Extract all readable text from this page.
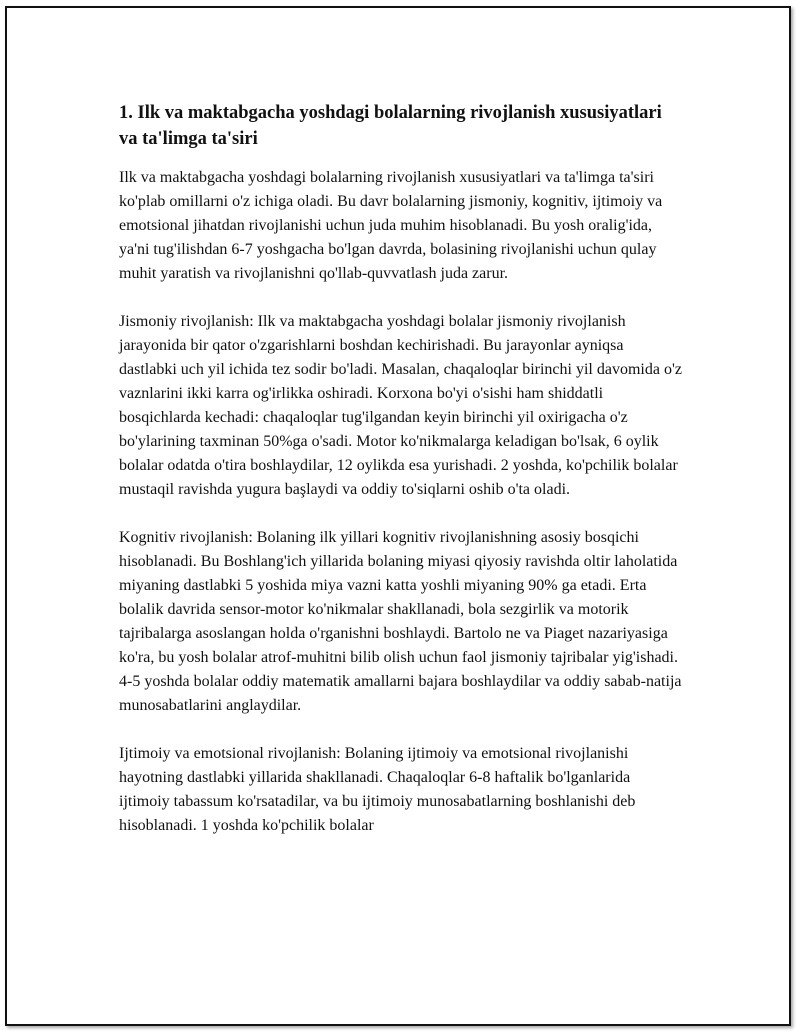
1. Ilk va maktabgacha yoshdagi bolalarning rivojlanish xususiyatlari va ta'limga ta'siri

Ilk va maktabgacha yoshdagi bolalarning rivojlanish xususiyatlari va ta'limga ta'siri ko'plab omillarni o'z ichiga oladi. Bu davr bolalarning jismoniy, kognitiv, ijtimoiy va emotsional jihatdan rivojlanishi uchun juda muhim hisoblanadi. Bu yosh oralig'ida, ya'ni tug'ilishdan 6-7 yoshgacha bo'lgan davrda, bolasining rivojlanishi uchun qulay muhit yaratish va rivojlanishni qo'llab-quvvatlash juda zarur.

Jismoniy rivojlanish: Ilk va maktabgacha yoshdagi bolalar jismoniy rivojlanish jarayonida bir qator o'zgarishlarni boshdan kechirishadi. Bu jarayonlar ayniqsa dastlabki uch yil ichida tez sodir bo'ladi. Masalan, chaqaloqlar birinchi yil davomida o'z vaznlarini ikki karra og'irlikka oshiradi. Korxona bo'yi o'sishi ham shiddatli bosqichlarda kechadi: chaqaloqlar tug'ilgandan keyin birinchi yil oxirigacha o'z bo'ylarining taxminan 50%ga o'sadi. Motor ko'nikmalarga keladigan bo'lsak, 6 oylik bolalar odatda o'tira boshlaydilar, 12 oylikda esa yurishadi. 2 yoshda, ko'pchilik bolalar mustaqil ravishda yugura başlaydi va oddiy to'siqlarni oshib o'ta oladi.

Kognitiv rivojlanish: Bolaning ilk yillari kognitiv rivojlanishning asosiy bosqichi hisoblanadi. Bu Boshlang'ich yillarida bolaning miyasi qiyosiy ravishda oltir laholatida miyaning dastlabki 5 yoshida miya vazni katta yoshli miyaning 90% ga etadi. Erta bolalik davrida sensor-motor ko'nikmalar shakllanadi, bola sezgirlik va motorik tajribalarga asoslangan holda o'rganishni boshlaydi. Bartolo ne va Piaget nazariyasiga ko'ra, bu yosh bolalar atrof-muhitni bilib olish uchun faol jismoniy tajribalar yig'ishadi. 4-5 yoshda bolalar oddiy matematik amallarni bajara boshlaydilar va oddiy sabab-natija munosabatlarini anglaydilar.

Ijtimoiy va emotsional rivojlanish: Bolaning ijtimoiy va emotsional rivojlanishi hayotning dastlabki yillarida shakllanadi. Chaqaloqlar 6-8 haftalik bo'lganlarida ijtimoiy tabassum ko'rsatadilar, va bu ijtimoiy munosabatlarning boshlanishi deb hisoblanadi. 1 yoshda ko'pchilik bolalar
